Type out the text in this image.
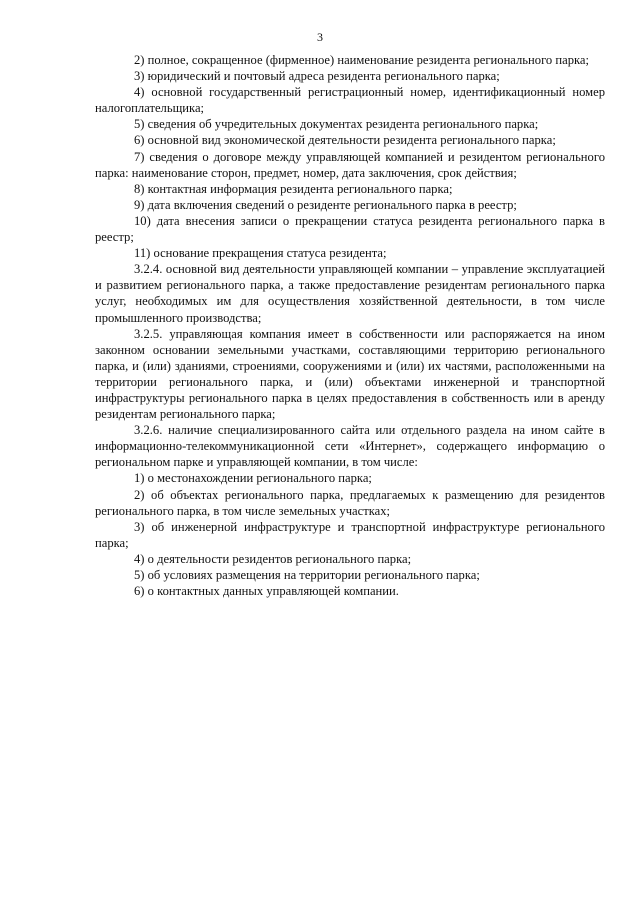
3

2) полное, сокращенное (фирменное) наименование резидента регионального парка;

3) юридический и почтовый адреса резидента регионального парка;

4) основной государственный регистрационный номер, идентификационный номер налогоплательщика;

5) сведения об учредительных документах резидента регионального парка;

6) основной вид экономической деятельности резидента регионального парка;

7) сведения о договоре между управляющей компанией и резидентом регионального парка: наименование сторон, предмет, номер, дата заключения, срок действия;

8) контактная информация резидента регионального парка;

9) дата включения сведений о резиденте регионального парка в реестр;

10) дата внесения записи о прекращении статуса резидента регионального парка в реестр;

11) основание прекращения статуса резидента;

3.2.4. основной вид деятельности управляющей компании – управление эксплуатацией и развитием регионального парка, а также предоставление резидентам регионального парка услуг, необходимых им для осуществления хозяйственной деятельности, в том числе промышленного производства;

3.2.5. управляющая компания имеет в собственности или распоряжается на ином законном основании земельными участками, составляющими территорию регионального парка, и (или) зданиями, строениями, сооружениями и (или) их частями, расположенными на территории регионального парка, и (или) объектами инженерной и транспортной инфраструктуры регионального парка в целях предоставления в собственность или в аренду резидентам регионального парка;

3.2.6. наличие специализированного сайта или отдельного раздела на ином сайте в информационно-телекоммуникационной сети «Интернет», содержащего информацию о региональном парке и управляющей компании, в том числе:

1) о местонахождении регионального парка;

2) об объектах регионального парка, предлагаемых к размещению для резидентов регионального парка, в том числе земельных участках;

3) об инженерной инфраструктуре и транспортной инфраструктуре регионального парка;

4) о деятельности резидентов регионального парка;

5) об условиях размещения на территории регионального парка;

6) о контактных данных управляющей компании.
